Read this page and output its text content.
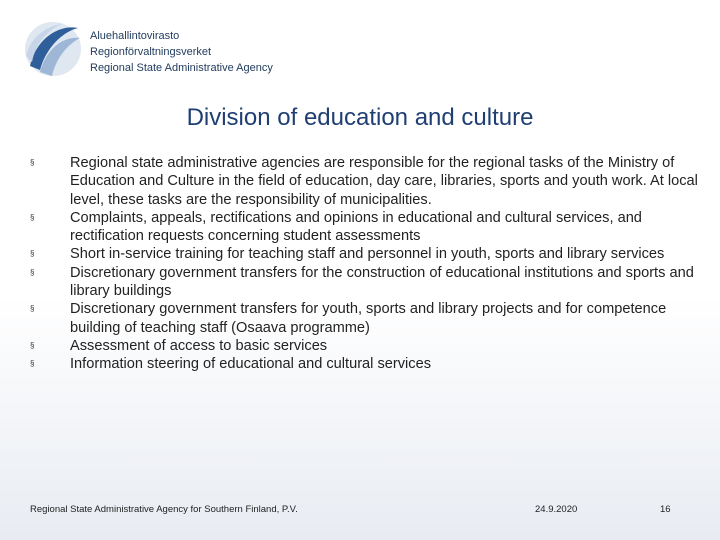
Aluehallintovirasto
Regionförvaltningsverket
Regional State Administrative Agency
Division of education and culture
§ Regional state administrative agencies are responsible for the regional tasks of the Ministry of Education and Culture in the field of education, day care, libraries, sports and youth work. At local level, these tasks are the responsibility of municipalities.
§ Complaints, appeals, rectifications and opinions in educational and cultural services, and rectification requests concerning student assessments
§ Short in-service training for teaching staff and personnel in youth, sports and library services
§ Discretionary government transfers for the construction of educational institutions and sports and library buildings
§ Discretionary government transfers for youth, sports and library projects and for competence building of teaching staff (Osaava programme)
§ Assessment of access to basic services
§ Information steering of educational and cultural services
Regional State Administrative Agency for Southern Finland, P.V.	24.9.2020	16
